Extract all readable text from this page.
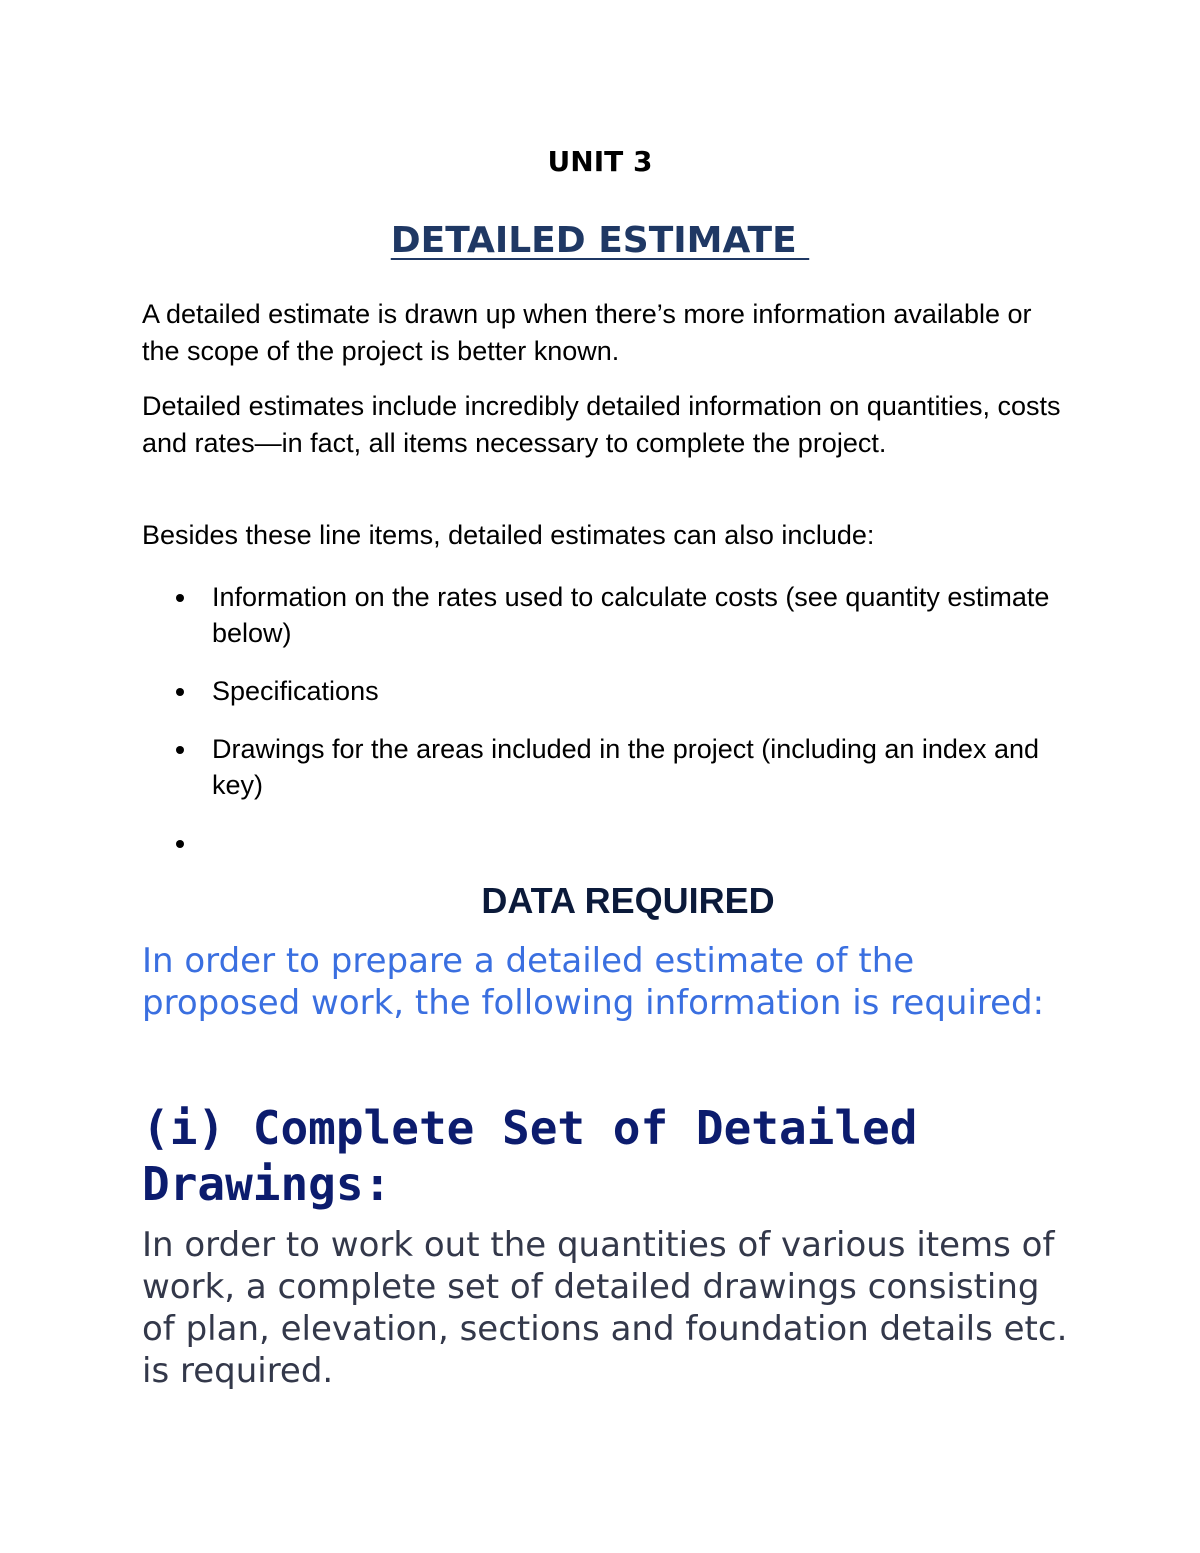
UNIT 3
DETAILED ESTIMATE

A detailed estimate is drawn up when there’s more information available or the scope of the project is better known.

Detailed estimates include incredibly detailed information on quantities, costs and rates—in fact, all items necessary to complete the project.

Besides these line items, detailed estimates can also include:

Information on the rates used to calculate costs (see quantity estimate below)
Specifications
Drawings for the areas included in the project (including an index and key)
DATA REQUIRED

In order to prepare a detailed estimate of the proposed work, the following information is required:

(i) Complete Set of Detailed Drawings:

In order to work out the quantities of various items of work, a complete set of detailed drawings consisting of plan, elevation, sections and foundation details etc. is required.
